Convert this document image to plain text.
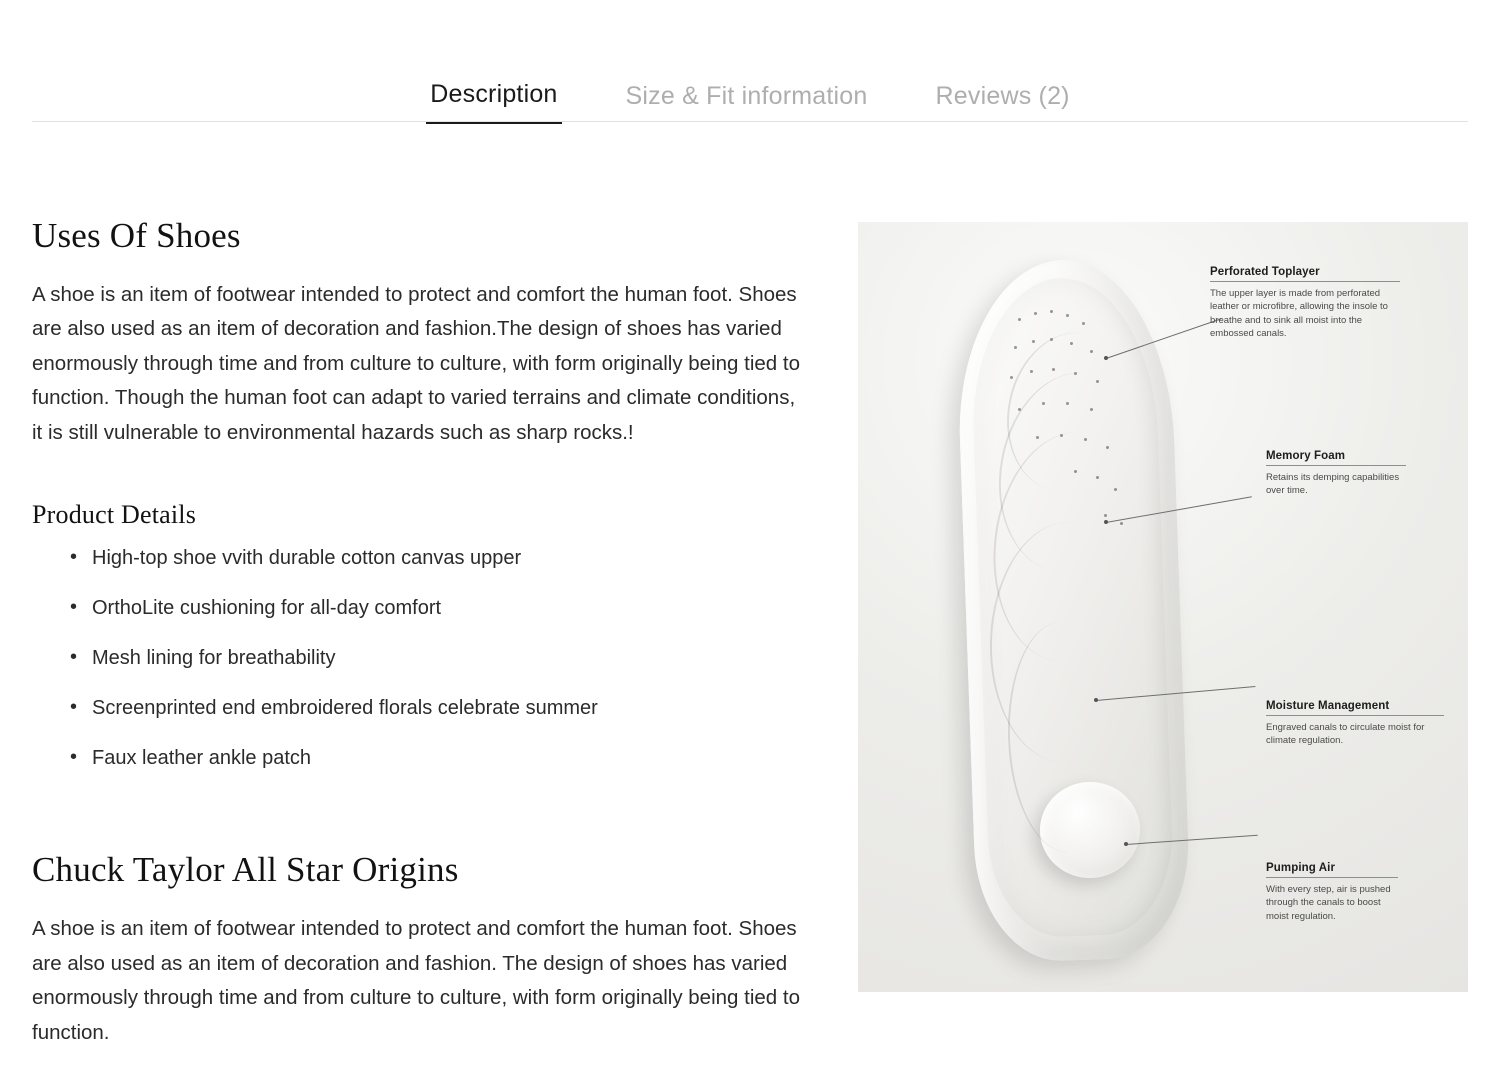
Description	Size & Fit information	Reviews (2)
Uses Of Shoes

A shoe is an item of footwear intended to protect and comfort the human foot. Shoes are also used as an item of decoration and fashion.The design of shoes has varied enormously through time and from culture to culture, with form originally being tied to function. Though the human foot can adapt to varied terrains and climate conditions, it is still vulnerable to environmental hazards such as sharp rocks.!

Product Details
• High-top shoe vvith durable cotton canvas upper
• OrthoLite cushioning for all-day comfort
• Mesh lining for breathability
• Screenprinted end embroidered florals celebrate summer
• Faux leather ankle patch
Chuck Taylor All Star Origins

A shoe is an item of footwear intended to protect and comfort the human foot. Shoes are also used as an item of decoration and fashion. The design of shoes has varied enormously through time and from culture to culture, with form originally being tied to function.

Perforated Toplayer
The upper layer is made from perforated leather or microfibre, allowing the insole to breathe and to sink all moist into the embossed canals.
Memory Foam
Retains its demping capabilities over time.
Moisture Management
Engraved canals to circulate moist for climate regulation.
Pumping Air
With every step, air is pushed through the canals to boost moist regulation.
